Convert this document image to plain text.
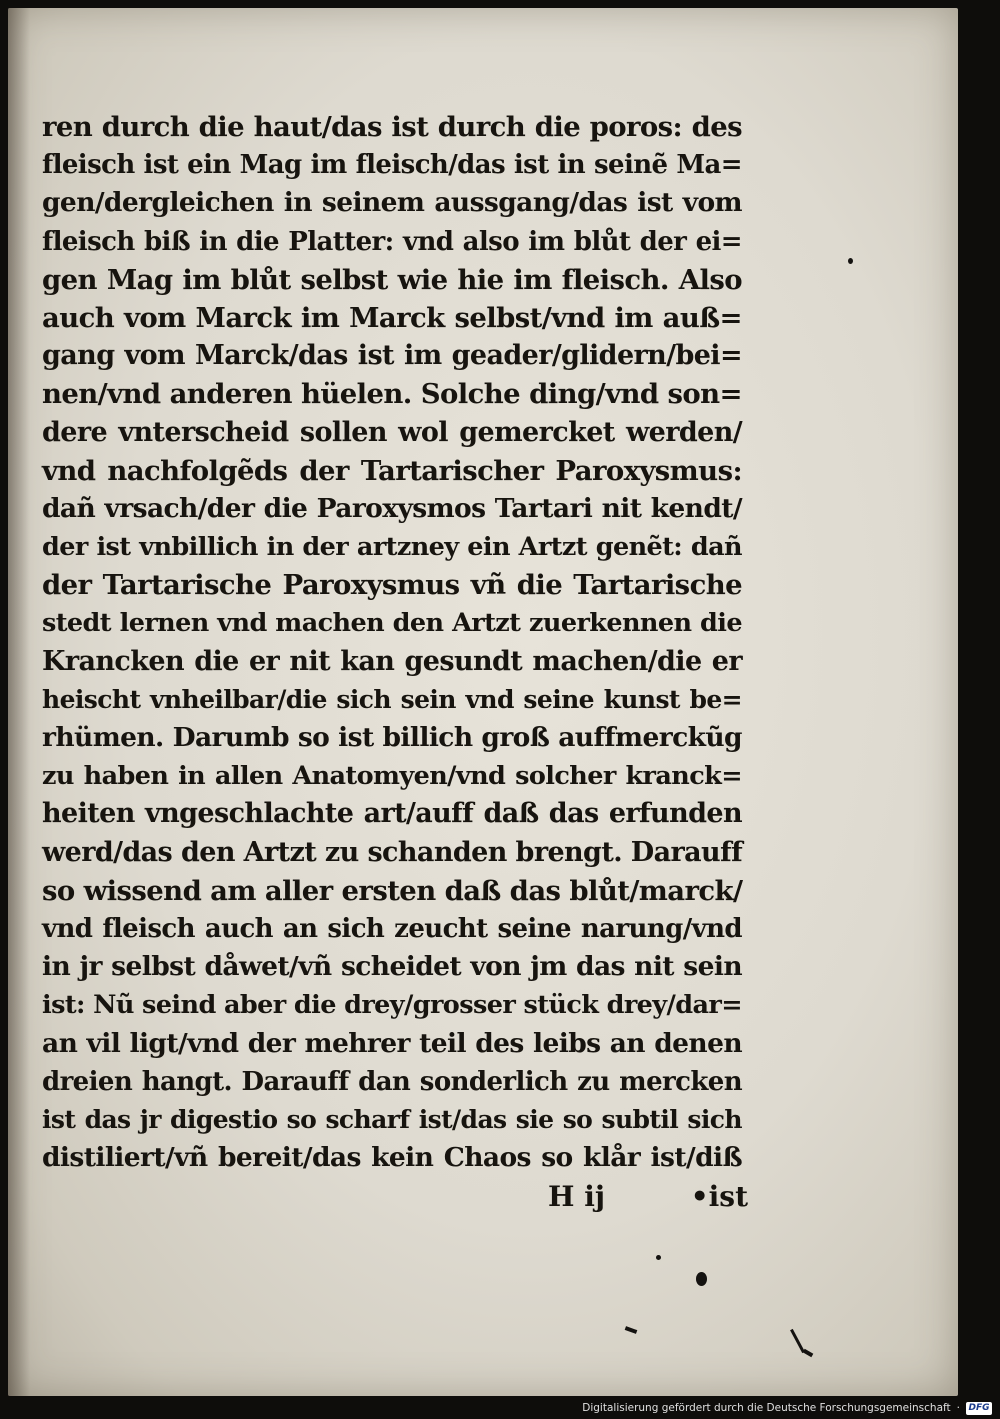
ren durch die haut/das ist durch die poros: des
fleisch ist ein Mag im fleisch/das ist in seinẽ Ma=
gen/dergleichen in seinem aussgang/das ist vom
fleisch biß in die Platter: vnd also im blůt der ei=
gen Mag im blůt selbst wie hie im fleisch. Also
auch vom Marck im Marck selbst/vnd im auß=
gang vom Marck/das ist im geader/glidern/bei=
nen/vnd anderen hüelen. Solche ding/vnd son=
dere vnterscheid sollen wol gemercket werden/
vnd nachfolgẽds der Tartarischer Paroxysmus:
dañ vrsach/der die Paroxysmos Tartari nit kendt/
der ist vnbillich in der artzney ein Artzt genẽt: dañ
der Tartarische Paroxysmus vñ die Tartarische
stedt lernen vnd machen den Artzt zuerkennen die
Krancken die er nit kan gesundt machen/die er
heischt vnheilbar/die sich sein vnd seine kunst be=
rhümen. Darumb so ist billich groß auffmerckũg
zu haben in allen Anatomyen/vnd solcher kranck=
heiten vngeschlachte art/auff daß das erfunden
werd/das den Artzt zu schanden brengt. Darauff
so wissend am aller ersten daß das blůt/marck/
vnd fleisch auch an sich zeucht seine narung/vnd
in jr selbst dåwet/vñ scheidet von jm das nit sein
ist: Nũ seind aber die drey/grosser stück drey/dar=
an vil ligt/vnd der mehrer teil des leibs an denen
dreien hangt. Darauff dan sonderlich zu mercken
ist das jr digestio so scharf ist/das sie so subtil sich
distiliert/vñ bereit/das kein Chaos so klår ist/diß
H ij	•ist
Digitalisierung gefördert durch die Deutsche Forschungsgemeinschaft · DFG
